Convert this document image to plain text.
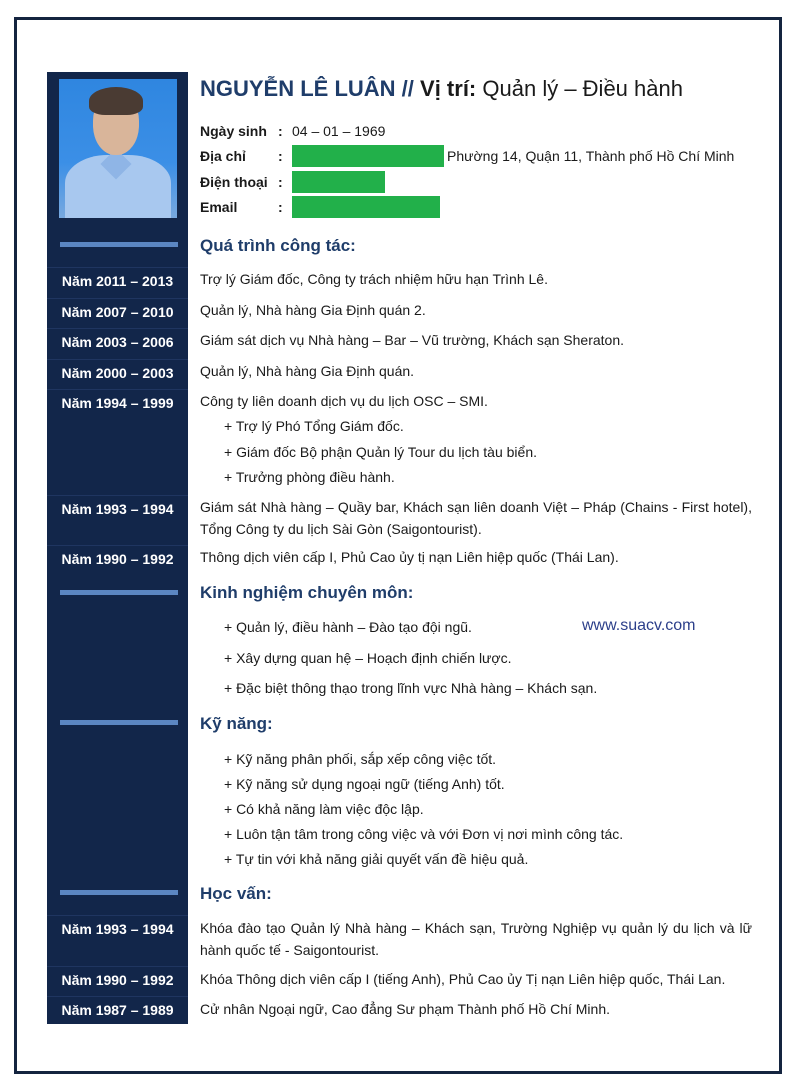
Năm 2011 – 2013
Năm 2007 – 2010
Năm 2003 – 2006
Năm 2000 – 2003
Năm 1994 – 1999
Năm 1993 – 1994
Năm 1990 – 1992
Năm 1993 – 1994
Năm 1990 – 1992
Năm 1987 – 1989
NGUYỄN LÊ LUÂN // Vị trí: Quản lý – Điều hành
Ngày sinh : 04 – 01 – 1969
Địa chỉ :	Phường 14, Quận 11, Thành phố Hồ Chí Minh
Điện thoại :
Email	:
Quá trình công tác:
Trợ lý Giám đốc, Công ty trách nhiệm hữu hạn Trình Lê.
Quản lý, Nhà hàng Gia Định quán 2.
Giám sát dịch vụ Nhà hàng – Bar – Vũ trường, Khách sạn Sheraton.
Quản lý, Nhà hàng Gia Định quán.
Công ty liên doanh dịch vụ du lịch OSC – SMI.
+ Trợ lý Phó Tổng Giám đốc.
+ Giám đốc Bộ phận Quản lý Tour du lịch tàu biển.
+ Trưởng phòng điều hành.
Giám sát Nhà hàng – Quầy bar, Khách sạn liên doanh Việt – Pháp (Chains - First hotel), Tổng Công ty du lịch Sài Gòn (Saigontourist).
Thông dịch viên cấp I, Phủ Cao ủy tị nạn Liên hiệp quốc (Thái Lan).
Kinh nghiệm chuyên môn:
+ Quản lý, điều hành – Đào tạo đội ngũ.
+ Xây dựng quan hệ – Hoạch định chiến lược.
+ Đặc biệt thông thạo trong lĩnh vực Nhà hàng – Khách sạn.
www.suacv.com
Kỹ năng:
+ Kỹ năng phân phối, sắp xếp công việc tốt.
+ Kỹ năng sử dụng ngoại ngữ (tiếng Anh) tốt.
+ Có khả năng làm việc độc lập.
+ Luôn tận tâm trong công việc và với Đơn vị nơi mình công tác.
+ Tự tin với khả năng giải quyết vấn đề hiệu quả.
Học vấn:
Khóa đào tạo Quản lý Nhà hàng – Khách sạn, Trường Nghiệp vụ quản lý du lịch và lữ hành quốc tế - Saigontourist.
Khóa Thông dịch viên cấp I (tiếng Anh), Phủ Cao ủy Tị nạn Liên hiệp quốc, Thái Lan.
Cử nhân Ngoại ngữ, Cao đẳng Sư phạm Thành phố Hồ Chí Minh.
